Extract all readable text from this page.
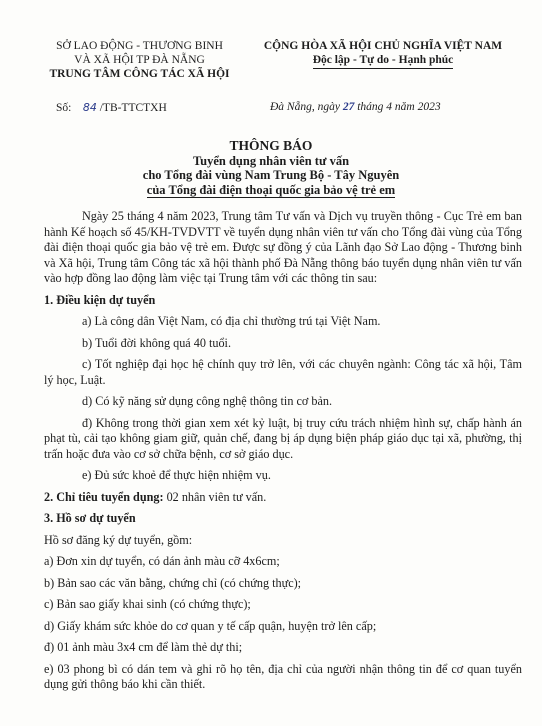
SỞ LAO ĐỘNG - THƯƠNG BINH
VÀ XÃ HỘI TP ĐÀ NẴNG
TRUNG TÂM CÔNG TÁC XÃ HỘI
CỘNG HÒA XÃ HỘI CHỦ NGHĨA VIỆT NAM
Độc lập - Tự do - Hạnh phúc
Số: 84 /TB-TTCTXH	Đà Nẵng, ngày 27 tháng 4 năm 2023
THÔNG BÁO
Tuyển dụng nhân viên tư vấn
cho Tổng đài vùng Nam Trung Bộ - Tây Nguyên
của Tổng đài điện thoại quốc gia bảo vệ trẻ em

Ngày 25 tháng 4 năm 2023, Trung tâm Tư vấn và Dịch vụ truyền thông - Cục Trẻ em ban hành Kế hoạch số 45/KH-TVDVTT về tuyển dụng nhân viên tư vấn cho Tổng đài vùng của Tổng đài điện thoại quốc gia bảo vệ trẻ em. Được sự đồng ý của Lãnh đạo Sở Lao động - Thương binh và Xã hội, Trung tâm Công tác xã hội thành phố Đà Nẵng thông báo tuyển dụng nhân viên tư vấn vào hợp đồng lao động làm việc tại Trung tâm với các thông tin sau:

1. Điều kiện dự tuyển

a) Là công dân Việt Nam, có địa chỉ thường trú tại Việt Nam.

b) Tuổi đời không quá 40 tuổi.

c) Tốt nghiệp đại học hệ chính quy trở lên, với các chuyên ngành: Công tác xã hội, Tâm lý học, Luật.

d) Có kỹ năng sử dụng công nghệ thông tin cơ bản.

đ) Không trong thời gian xem xét kỷ luật, bị truy cứu trách nhiệm hình sự, chấp hành án phạt tù, cải tạo không giam giữ, quản chế, đang bị áp dụng biện pháp giáo dục tại xã, phường, thị trấn hoặc đưa vào cơ sở chữa bệnh, cơ sở giáo dục.

e) Đủ sức khoẻ để thực hiện nhiệm vụ.

2. Chỉ tiêu tuyển dụng: 02 nhân viên tư vấn.

3. Hồ sơ dự tuyển

Hồ sơ đăng ký dự tuyển, gồm:

a) Đơn xin dự tuyển, có dán ảnh màu cỡ 4x6cm;

b) Bản sao các văn bằng, chứng chỉ (có chứng thực);

c) Bản sao giấy khai sinh (có chứng thực);

d) Giấy khám sức khỏe do cơ quan y tế cấp quận, huyện trở lên cấp;

đ) 01 ảnh màu 3x4 cm để làm thẻ dự thi;

e) 03 phong bì có dán tem và ghi rõ họ tên, địa chỉ của người nhận thông tin để cơ quan tuyển dụng gửi thông báo khi cần thiết.
